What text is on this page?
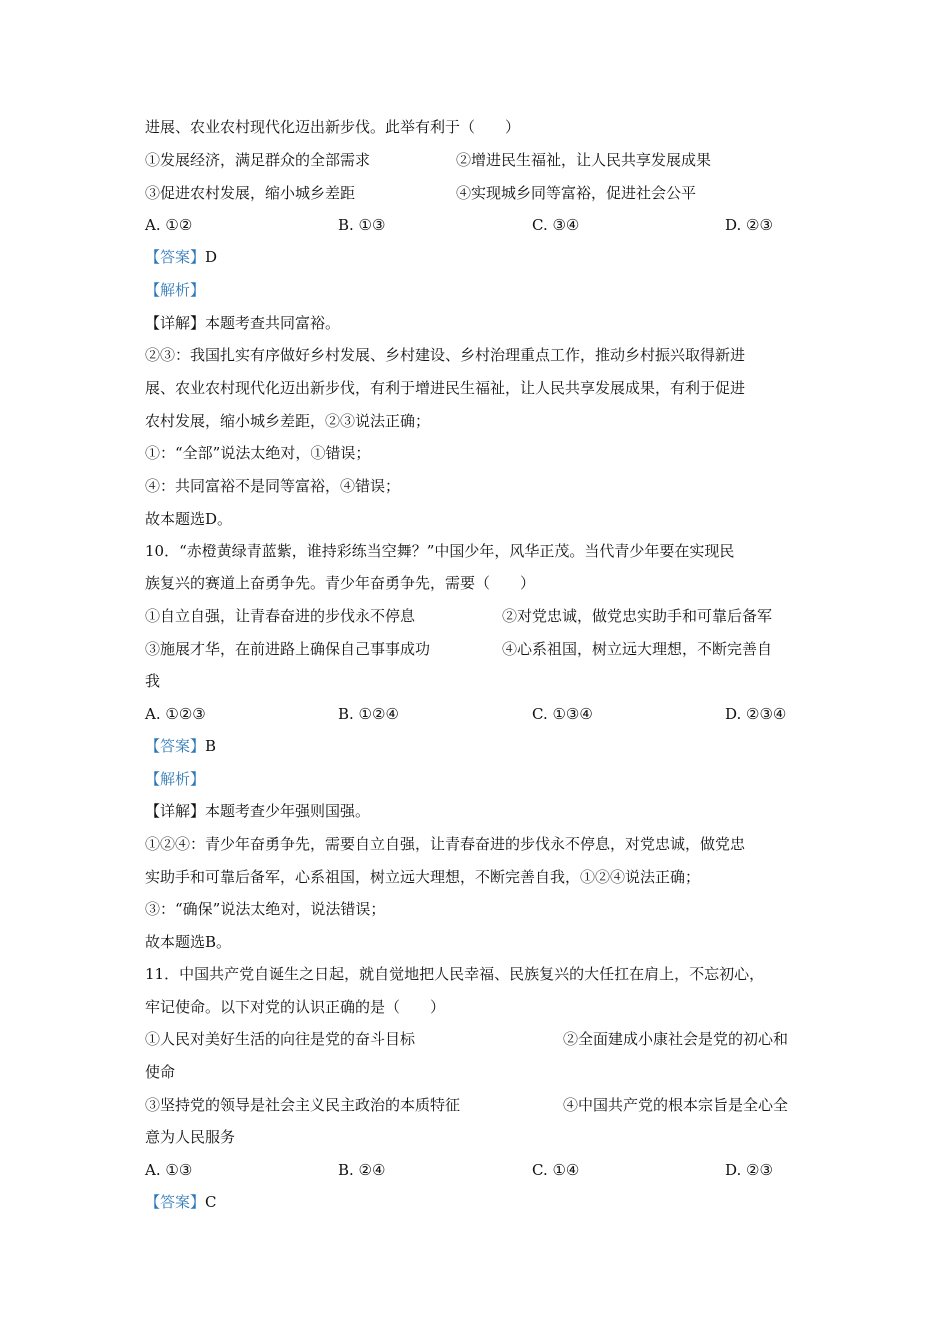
进展、农业农村现代化迈出新步伐。此举有利于（　　）
①发展经济，满足群众的全部需求	②增进民生福祉，让人民共享发展成果
③促进农村发展，缩小城乡差距	④实现城乡同等富裕，促进社会公平
A. ①②	B. ①③	C. ③④	D. ②③
【答案】D
【解析】
【详解】本题考查共同富裕。
②③：我国扎实有序做好乡村发展、乡村建设、乡村治理重点工作，推动乡村振兴取得新进
展、农业农村现代化迈出新步伐，有利于增进民生福祉，让人民共享发展成果，有利于促进
农村发展，缩小城乡差距，②③说法正确；
①：“全部”说法太绝对，①错误；
④：共同富裕不是同等富裕，④错误；
故本题选D。
10．“赤橙黄绿青蓝紫，谁持彩练当空舞？”中国少年，风华正茂。当代青少年要在实现民
族复兴的赛道上奋勇争先。青少年奋勇争先，需要（　　）
①自立自强，让青春奋进的步伐永不停息	②对党忠诚，做党忠实助手和可靠后备军
③施展才华，在前进路上确保自己事事成功	④心系祖国，树立远大理想，不断完善自
我
A. ①②③	B. ①②④	C. ①③④	D. ②③④
【答案】B
【解析】
【详解】本题考查少年强则国强。
①②④：青少年奋勇争先，需要自立自强，让青春奋进的步伐永不停息，对党忠诚，做党忠
实助手和可靠后备军，心系祖国，树立远大理想，不断完善自我，①②④说法正确；
③：“确保”说法太绝对，说法错误；
故本题选B。
11．中国共产党自诞生之日起，就自觉地把人民幸福、民族复兴的大任扛在肩上，不忘初心，
牢记使命。以下对党的认识正确的是（　　）
①人民对美好生活的向往是党的奋斗目标	②全面建成小康社会是党的初心和
使命
③坚持党的领导是社会主义民主政治的本质特征	④中国共产党的根本宗旨是全心全
意为人民服务
A. ①③	B. ②④	C. ①④	D. ②③
【答案】C
